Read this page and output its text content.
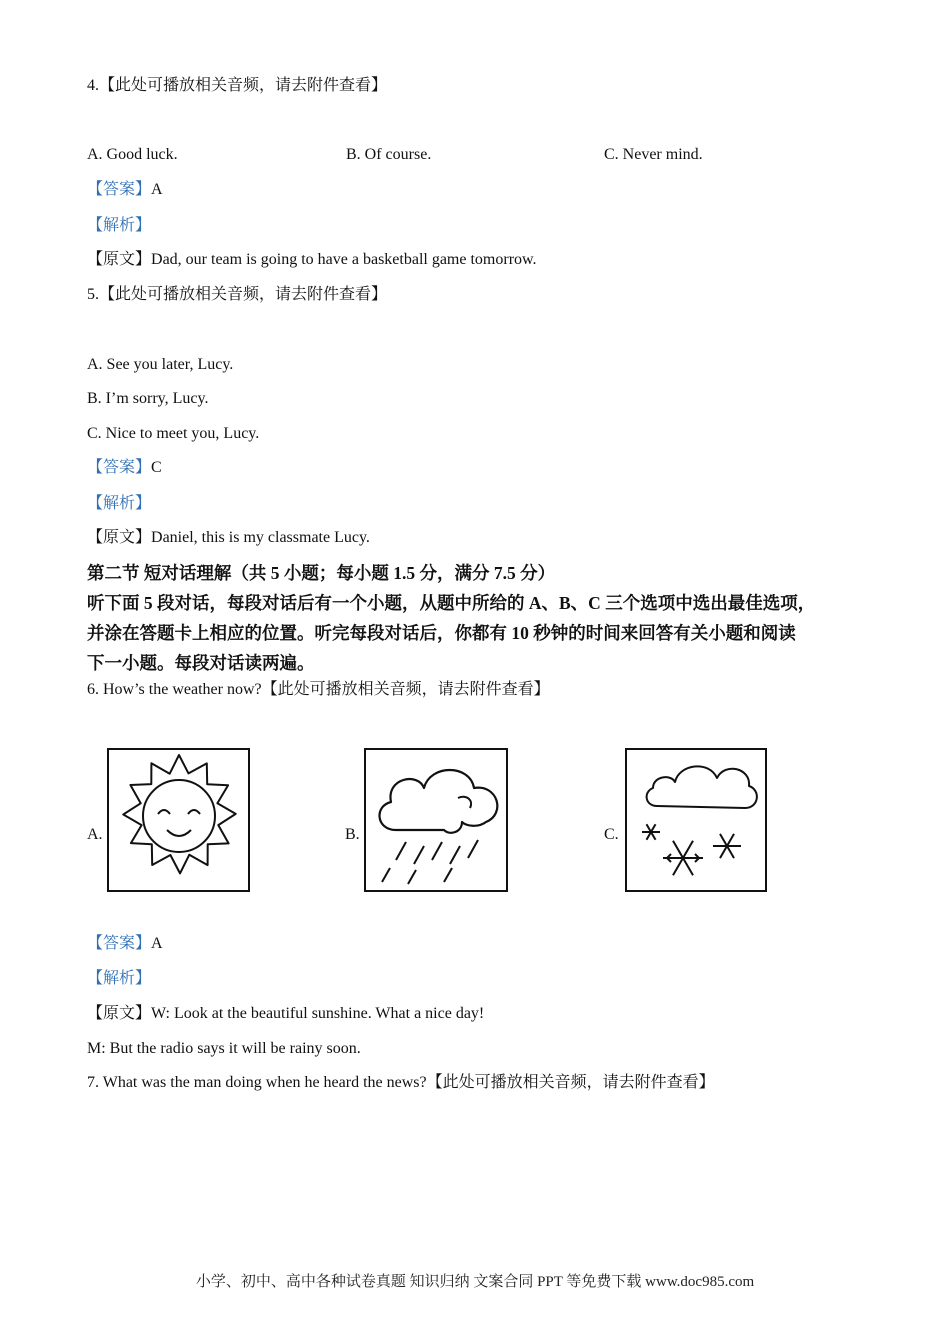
4.【此处可播放相关音频，请去附件查看】
A. Good luck.	B. Of course.	C. Never mind.
【答案】A
【解析】
【原文】Dad, our team is going to have a basketball game tomorrow.
5.【此处可播放相关音频，请去附件查看】
A. See you later, Lucy.
B. I’m sorry, Lucy.
C. Nice to meet you, Lucy.
【答案】C
【解析】
【原文】Daniel, this is my classmate Lucy.
第二节 短对话理解（共 5 小题；每小题 1.5 分，满分 7.5 分）
听下面 5 段对话，每段对话后有一个小题，从题中所给的 A、B、C 三个选项中选出最佳选项，
并涂在答题卡上相应的位置。听完每段对话后，你都有 10 秒钟的时间来回答有关小题和阅读
下一小题。每段对话读两遍。
6. How’s the weather now?【此处可播放相关音频，请去附件查看】
A.	B.	C.
【答案】A
【解析】
【原文】W: Look at the beautiful sunshine. What a nice day!
M: But the radio says it will be rainy soon.
7. What was the man doing when he heard the news?【此处可播放相关音频，请去附件查看】
小学、初中、高中各种试卷真题 知识归纳 文案合同 PPT 等免费下载 www.doc985.com
